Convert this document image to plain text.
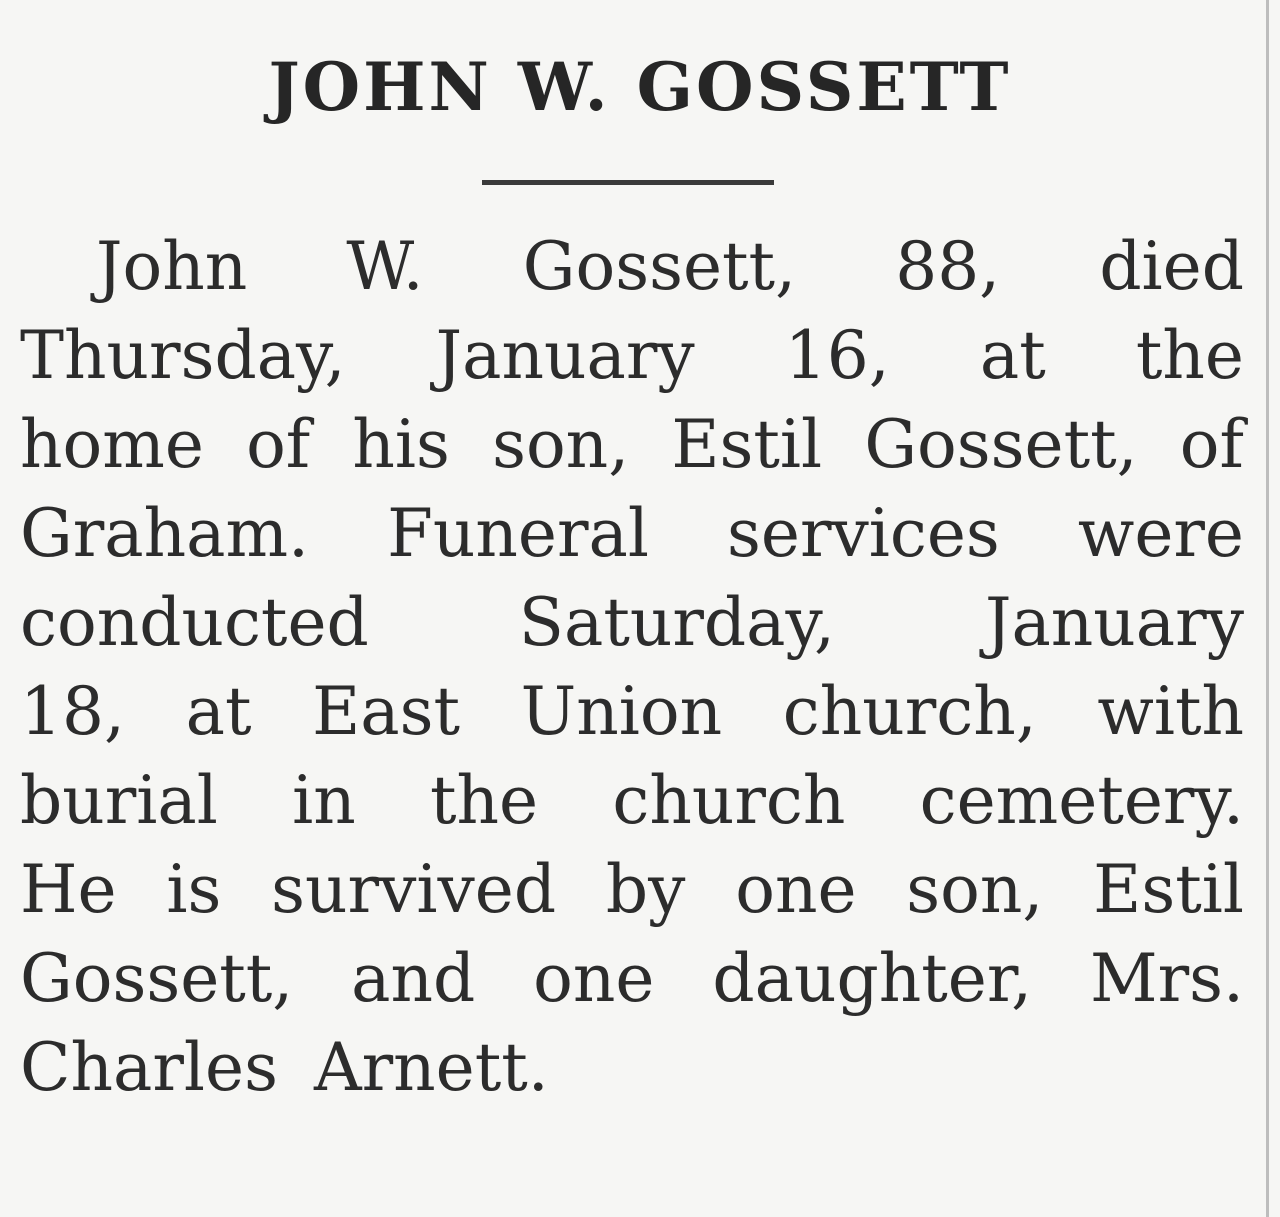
JOHN W. GOSSETT
John W. Gossett, 88, died
Thursday, January 16, at the
home of his son, Estil Gossett, of
Graham. Funeral services were
conducted Saturday, January
18, at East Union church, with
burial in the church cemetery.
He is survived by one son, Estil
Gossett, and one daughter, Mrs.
Charles Arnett.
